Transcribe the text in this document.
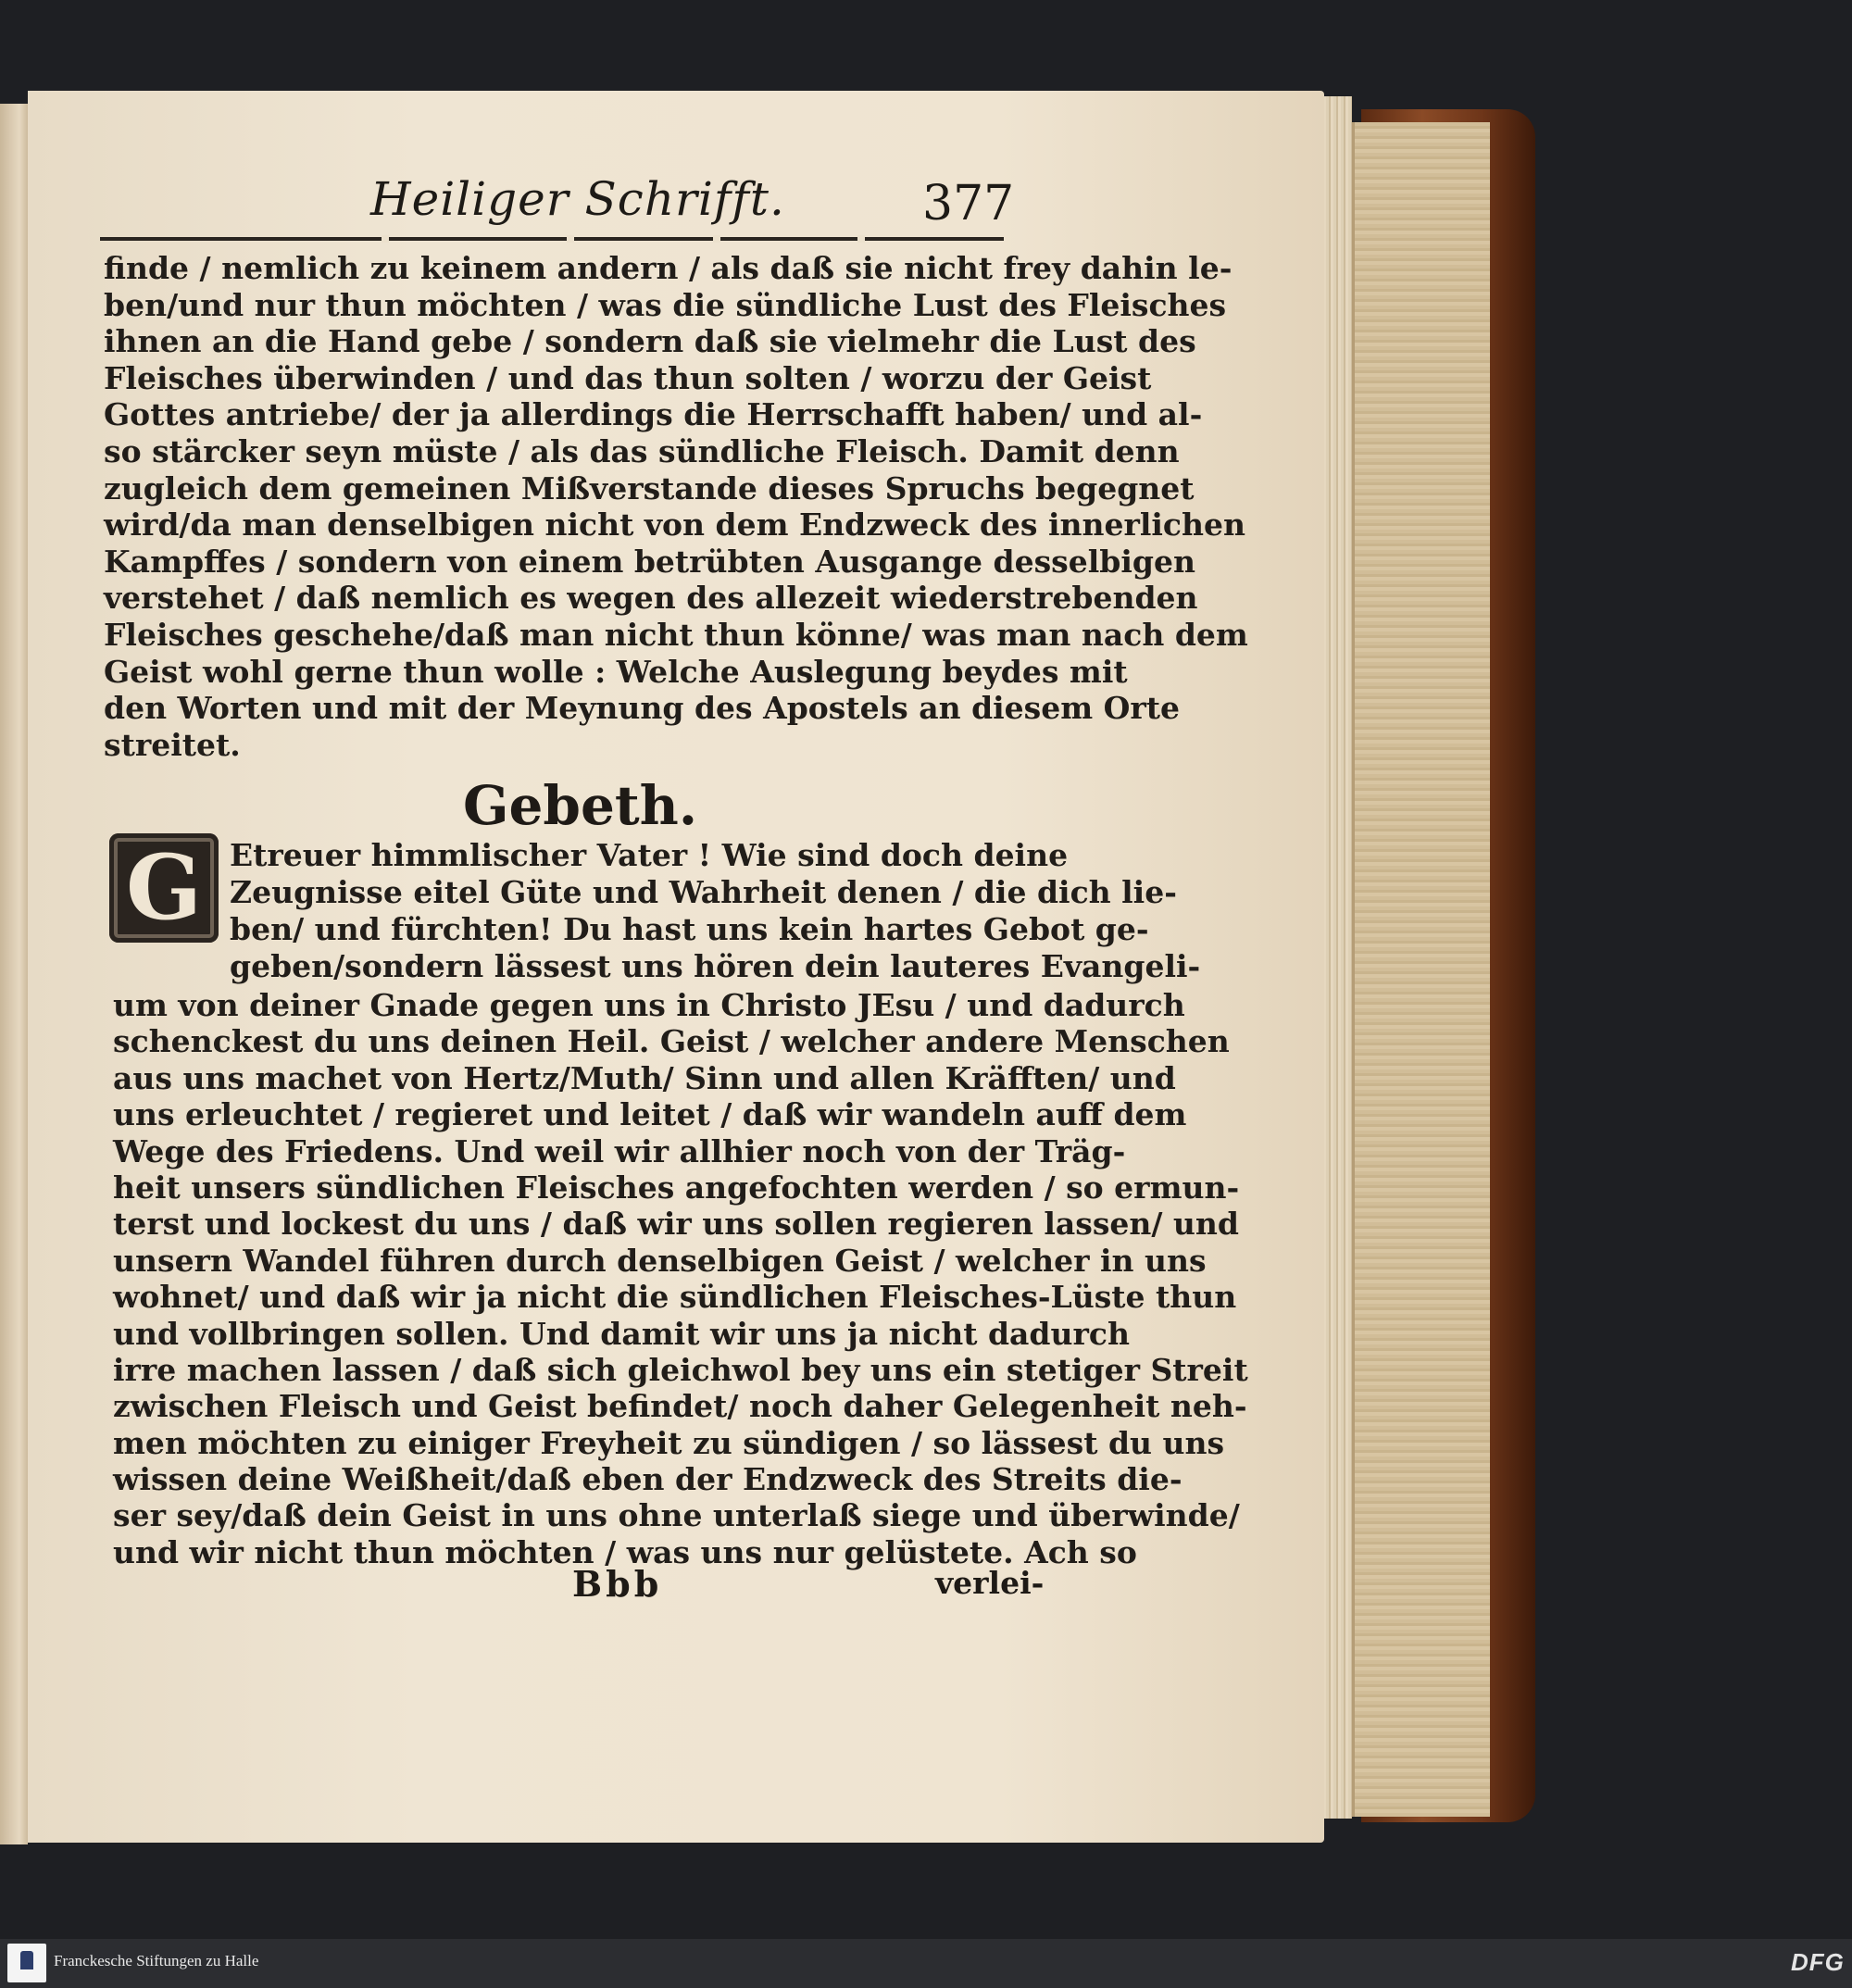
Heiliger Schrifft.	377
finde / nemlich zu keinem andern / als daß sie nicht frey dahin le-
ben/und nur thun möchten / was die sündliche Lust des Fleisches
ihnen an die Hand gebe / sondern daß sie vielmehr die Lust des
Fleisches überwinden / und das thun solten / worzu der Geist
Gottes antriebe/ der ja allerdings die Herrschafft haben/ und al-
so stärcker seyn müste / als das sündliche Fleisch. Damit denn
zugleich dem gemeinen Mißverstande dieses Spruchs begegnet
wird/da man denselbigen nicht von dem Endzweck des innerlichen
Kampffes / sondern von einem betrübten Ausgange desselbigen
verstehet / daß nemlich es wegen des allezeit wiederstrebenden
Fleisches geschehe/daß man nicht thun könne/ was man nach dem
Geist wohl gerne thun wolle : Welche Auslegung beydes mit
den Worten und mit der Meynung des Apostels an diesem Orte
streitet.
Gebeth.
G Etreuer himmlischer Vater ! Wie sind doch deine
Zeugnisse eitel Güte und Wahrheit denen / die dich lie-
ben/ und fürchten! Du hast uns kein hartes Gebot ge-
geben/sondern lässest uns hören dein lauteres Evangeli-
um von deiner Gnade gegen uns in Christo JEsu / und dadurch
schenckest du uns deinen Heil. Geist / welcher andere Menschen
aus uns machet von Hertz/Muth/ Sinn und allen Kräfften/ und
uns erleuchtet / regieret und leitet / daß wir wandeln auff dem
Wege des Friedens. Und weil wir allhier noch von der Träg-
heit unsers sündlichen Fleisches angefochten werden / so ermun-
terst und lockest du uns / daß wir uns sollen regieren lassen/ und
unsern Wandel führen durch denselbigen Geist / welcher in uns
wohnet/ und daß wir ja nicht die sündlichen Fleisches-Lüste thun
und vollbringen sollen. Und damit wir uns ja nicht dadurch
irre machen lassen / daß sich gleichwol bey uns ein stetiger Streit
zwischen Fleisch und Geist befindet/ noch daher Gelegenheit neh-
men möchten zu einiger Freyheit zu sündigen / so lässest du uns
wissen deine Weißheit/daß eben der Endzweck des Streits die-
ser sey/daß dein Geist in uns ohne unterlaß siege und überwinde/
und wir nicht thun möchten / was uns nur gelüstete. Ach so
Bbb	verlei-
Franckesche Stiftungen zu Halle	DFG
